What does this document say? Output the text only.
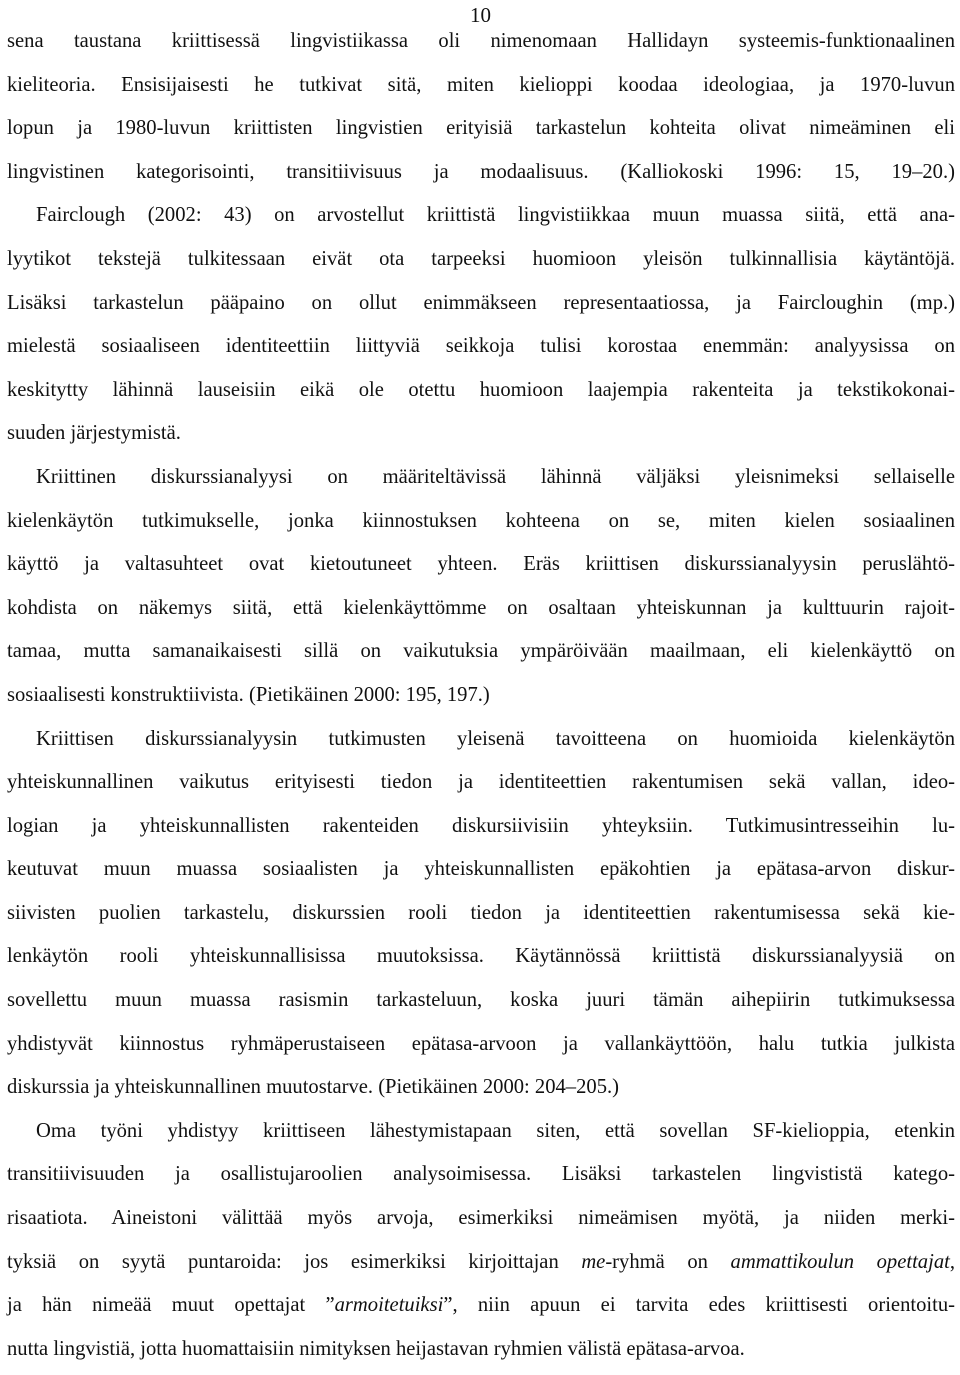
10
sena taustana kriittisessä lingvistiikassa oli nimenomaan Hallidayn systeemis-funktionaalinen
kieliteoria. Ensisijaisesti he tutkivat sitä, miten kielioppi koodaa ideologiaa, ja 1970-luvun
lopun ja 1980-luvun kriittisten lingvistien erityisiä tarkastelun kohteita olivat nimeäminen eli
lingvistinen kategorisointi, transitiivisuus ja modaalisuus. (Kalliokoski 1996: 15, 19–20.)
Fairclough (2002: 43) on arvostellut kriittistä lingvistiikkaa muun muassa siitä, että ana-
lyytikot tekstejä tulkitessaan eivät ota tarpeeksi huomioon yleisön tulkinnallisia käytäntöjä.
Lisäksi tarkastelun pääpaino on ollut enimmäkseen representaatiossa, ja Faircloughin (mp.)
mielestä sosiaaliseen identiteettiin liittyviä seikkoja tulisi korostaa enemmän: analyysissa on
keskitytty lähinnä lauseisiin eikä ole otettu huomioon laajempia rakenteita ja tekstikokonai-
suuden järjestymistä.
Kriittinen diskurssianalyysi on määriteltävissä lähinnä väljäksi yleisnimeksi sellaiselle
kielenkäytön tutkimukselle, jonka kiinnostuksen kohteena on se, miten kielen sosiaalinen
käyttö ja valtasuhteet ovat kietoutuneet yhteen. Eräs kriittisen diskurssianalyysin peruslähtö-
kohdista on näkemys siitä, että kielenkäyttömme on osaltaan yhteiskunnan ja kulttuurin rajoit-
tamaa, mutta samanaikaisesti sillä on vaikutuksia ympäröivään maailmaan, eli kielenkäyttö on
sosiaalisesti konstruktiivista. (Pietikäinen 2000: 195, 197.)
Kriittisen diskurssianalyysin tutkimusten yleisenä tavoitteena on huomioida kielenkäytön
yhteiskunnallinen vaikutus erityisesti tiedon ja identiteettien rakentumisen sekä vallan, ideo-
logian ja yhteiskunnallisten rakenteiden diskursiivisiin yhteyksiin. Tutkimusintresseihin lu-
keutuvat muun muassa sosiaalisten ja yhteiskunnallisten epäkohtien ja epätasa-arvon diskur-
siivisten puolien tarkastelu, diskurssien rooli tiedon ja identiteettien rakentumisessa sekä kie-
lenkäytön rooli yhteiskunnallisissa muutoksissa. Käytännössä kriittistä diskurssianalyysiä on
sovellettu muun muassa rasismin tarkasteluun, koska juuri tämän aihepiirin tutkimuksessa
yhdistyvät kiinnostus ryhmäperustaiseen epätasa-arvoon ja vallankäyttöön, halu tutkia julkista
diskurssia ja yhteiskunnallinen muutostarve. (Pietikäinen 2000: 204–205.)
Oma työni yhdistyy kriittiseen lähestymistapaan siten, että sovellan SF-kielioppia, etenkin
transitiivisuuden ja osallistujaroolien analysoimisessa. Lisäksi tarkastelen lingvististä katego-
risaatiota. Aineistoni välittää myös arvoja, esimerkiksi nimeämisen myötä, ja niiden merki-
tyksiä on syytä puntaroida: jos esimerkiksi kirjoittajan me-ryhmä on ammattikoulun opettajat,
ja hän nimeää muut opettajat ”armoitetuiksi”, niin apuun ei tarvita edes kriittisesti orientoitu-
nutta lingvistiä, jotta huomattaisiin nimityksen heijastavan ryhmien välistä epätasa-arvoa.
